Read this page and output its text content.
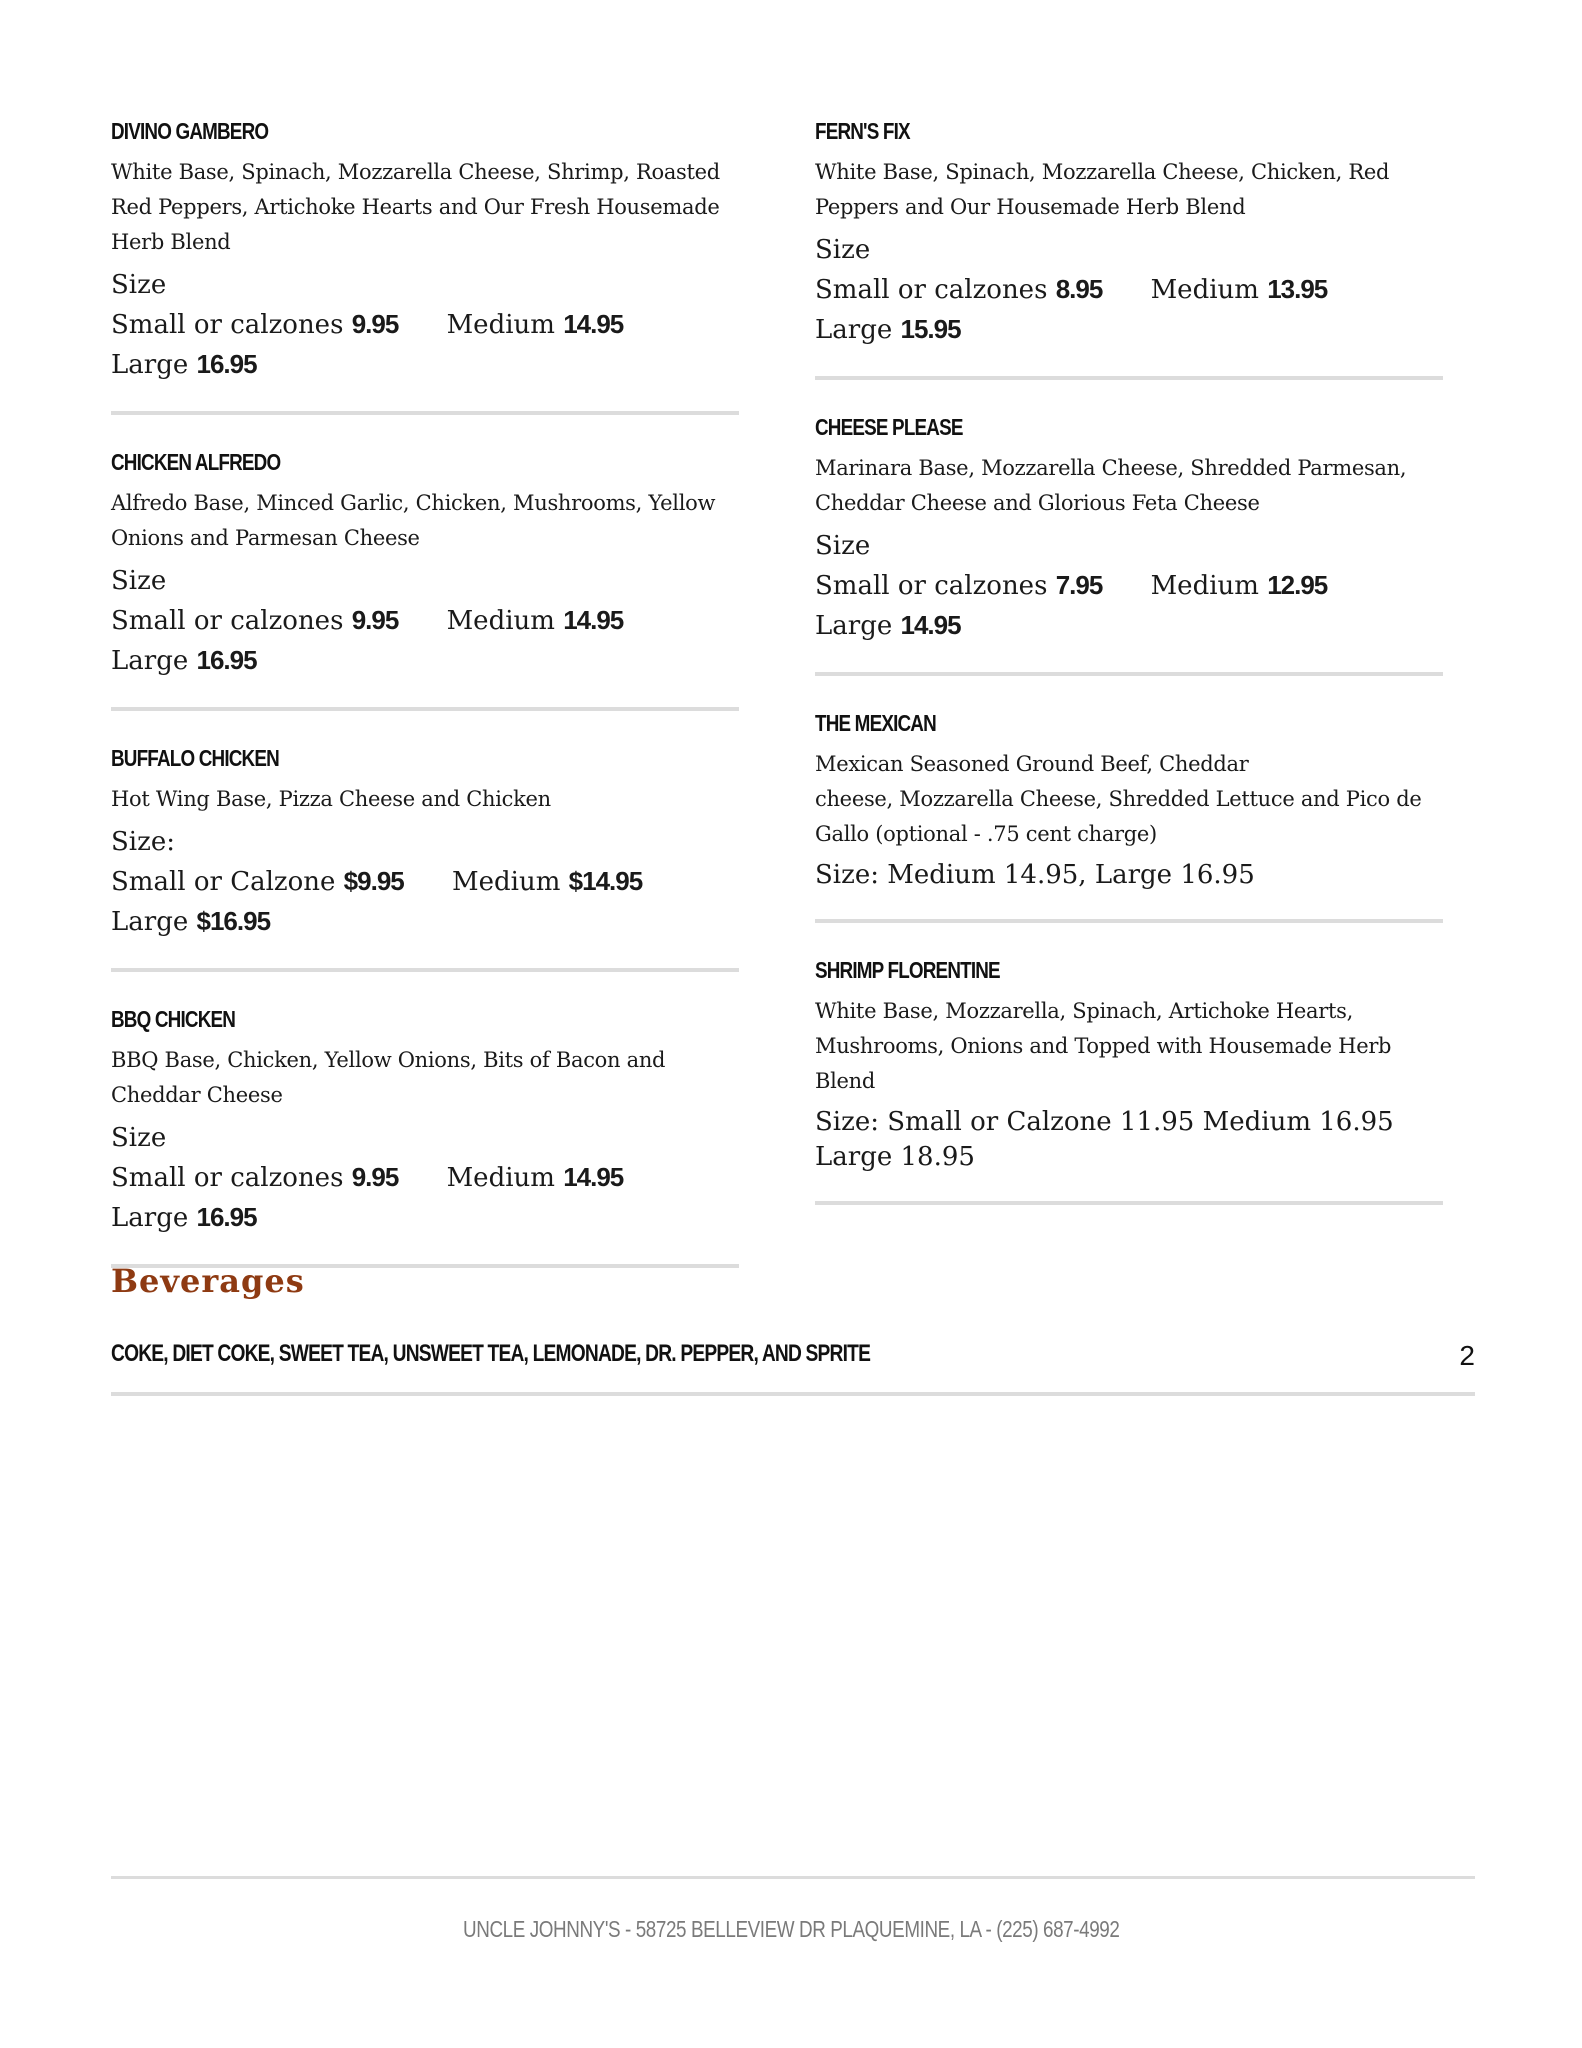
DIVINO GAMBERO
White Base, Spinach, Mozzarella Cheese, Shrimp, Roasted Red Peppers, Artichoke Hearts and Our Fresh Housemade Herb Blend
Size
Small or calzones 9.95 Medium 14.95
Large 16.95
CHICKEN ALFREDO
Alfredo Base, Minced Garlic, Chicken, Mushrooms, Yellow Onions and Parmesan Cheese
Size
Small or calzones 9.95 Medium 14.95
Large 16.95
BUFFALO CHICKEN
Hot Wing Base, Pizza Cheese and Chicken
Size:
Small or Calzone $9.95 Medium $14.95
Large $16.95
BBQ CHICKEN
BBQ Base, Chicken, Yellow Onions, Bits of Bacon and Cheddar Cheese
Size
Small or calzones 9.95 Medium 14.95
Large 16.95
FERN'S FIX
White Base, Spinach, Mozzarella Cheese, Chicken, Red Peppers and Our Housemade Herb Blend
Size
Small or calzones 8.95 Medium 13.95
Large 15.95
CHEESE PLEASE
Marinara Base, Mozzarella Cheese, Shredded Parmesan, Cheddar Cheese and Glorious Feta Cheese
Size
Small or calzones 7.95 Medium 12.95
Large 14.95
THE MEXICAN
Mexican Seasoned Ground Beef, Cheddar
cheese, Mozzarella Cheese, Shredded Lettuce and Pico de Gallo (optional - .75 cent charge)
Size: Medium 14.95, Large 16.95
SHRIMP FLORENTINE
White Base, Mozzarella, Spinach, Artichoke Hearts, Mushrooms, Onions and Topped with Housemade Herb Blend
Size: Small or Calzone 11.95 Medium 16.95 Large 18.95
Beverages
COKE, DIET COKE, SWEET TEA, UNSWEET TEA, LEMONADE, DR. PEPPER, AND SPRITE	2
UNCLE JOHNNY'S - 58725 BELLEVIEW DR PLAQUEMINE, LA - (225) 687-4992
